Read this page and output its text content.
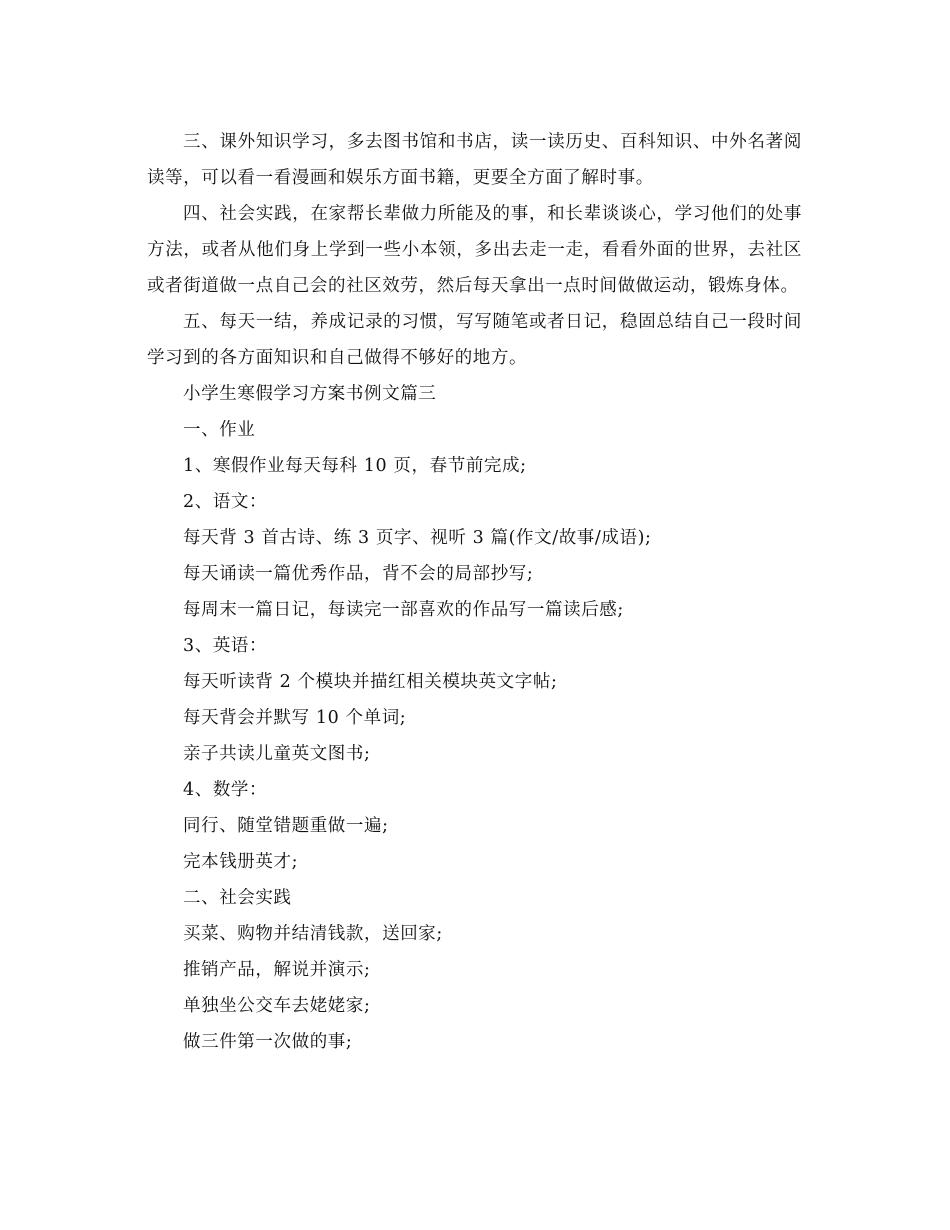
三、课外知识学习，多去图书馆和书店，读一读历史、百科知识、中外名著阅读等，可以看一看漫画和娱乐方面书籍，更要全方面了解时事。

四、社会实践，在家帮长辈做力所能及的事，和长辈谈谈心，学习他们的处事方法，或者从他们身上学到一些小本领，多出去走一走，看看外面的世界，去社区或者街道做一点自己会的社区效劳，然后每天拿出一点时间做做运动，锻炼身体。

五、每天一结，养成记录的习惯，写写随笔或者日记，稳固总结自己一段时间学习到的各方面知识和自己做得不够好的地方。

小学生寒假学习方案书例文篇三

一、作业

1、寒假作业每天每科 10 页，春节前完成;

2、语文：

每天背 3 首古诗、练 3 页字、视听 3 篇(作文/故事/成语);

每天诵读一篇优秀作品，背不会的局部抄写;

每周末一篇日记，每读完一部喜欢的作品写一篇读后感;

3、英语：

每天听读背 2 个模块并描红相关模块英文字帖;

每天背会并默写 10 个单词;

亲子共读儿童英文图书;

4、数学：

同行、随堂错题重做一遍;

完本钱册英才;

二、社会实践

买菜、购物并结清钱款，送回家;

推销产品，解说并演示;

单独坐公交车去姥姥家;

做三件第一次做的事;
